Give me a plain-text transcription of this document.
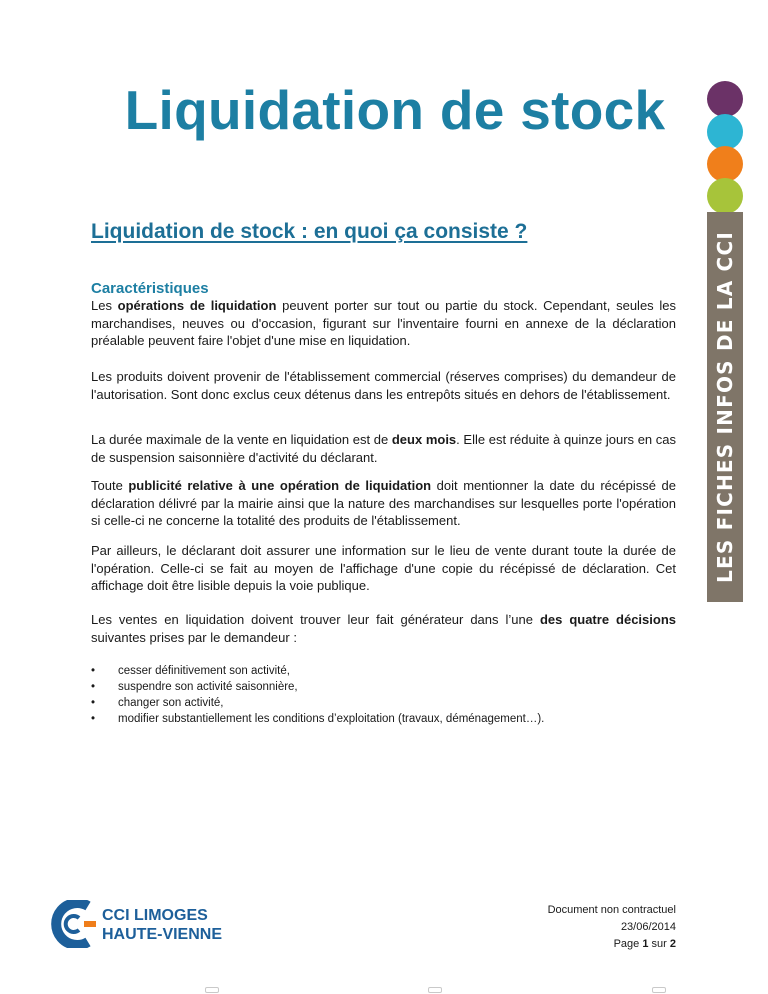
Liquidation de stock
LES FICHES INFOS DE LA CCI
Liquidation de stock : en quoi ça consiste ?
Caractéristiques

Les opérations de liquidation peuvent porter sur tout ou partie du stock. Cependant, seules les marchandises, neuves ou d'occasion, figurant sur l'inventaire fourni en annexe de la déclaration préalable peuvent faire l'objet d'une mise en liquidation.

Les produits doivent provenir de l'établissement commercial (réserves comprises) du demandeur de l'autorisation. Sont donc exclus ceux détenus dans les entrepôts situés en dehors de l'établissement.

La durée maximale de la vente en liquidation est de deux mois. Elle est réduite à quinze jours en cas de suspension saisonnière d'activité du déclarant.

Toute publicité relative à une opération de liquidation doit mentionner la date du récépissé de déclaration délivré par la mairie ainsi que la nature des marchandises sur lesquelles porte l'opération si celle-ci ne concerne la totalité des produits de l'établissement.

Par ailleurs, le déclarant doit assurer une information sur le lieu de vente durant toute la durée de l'opération. Celle-ci se fait au moyen de l'affichage d'une copie du récépissé de déclaration. Cet affichage doit être lisible depuis la voie publique.

Les ventes en liquidation doivent trouver leur fait générateur dans l’une des quatre décisions suivantes prises par le demandeur :

• cesser définitivement son activité,
• suspendre son activité saisonnière,
• changer son activité,
• modifier substantiellement les conditions d’exploitation (travaux, déménagement…).
CCI LIMOGES
HAUTE-VIENNE
Document non contractuel
23/06/2014
Page 1 sur 2
